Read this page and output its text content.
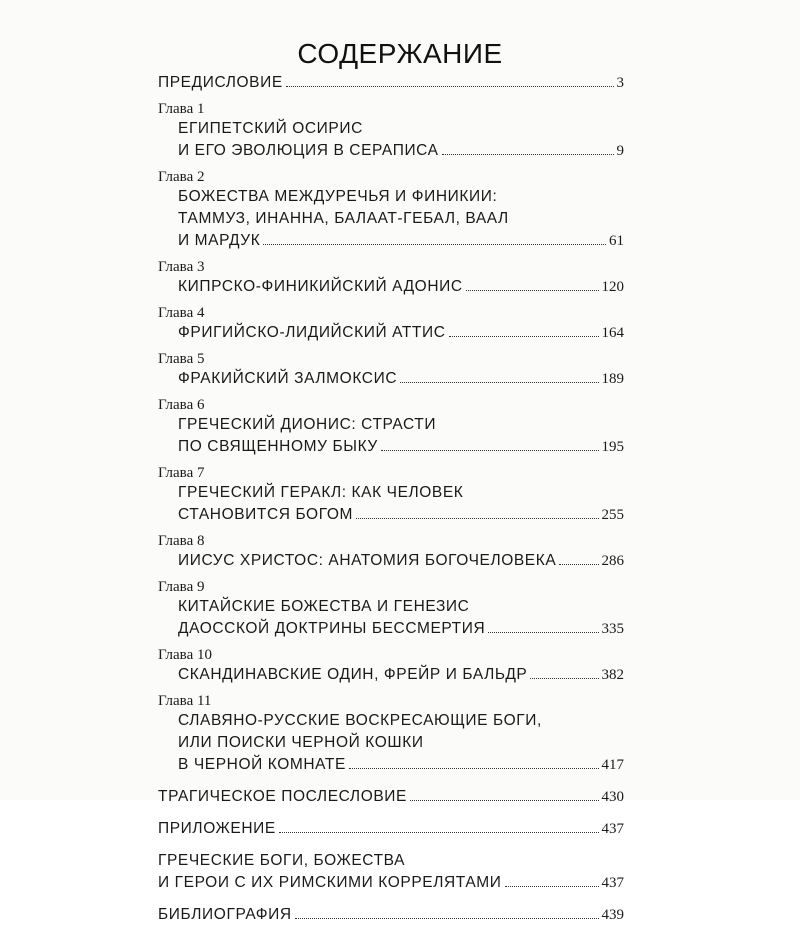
СОДЕРЖАНИЕ
ПРЕДИСЛОВИЕ	3
Глава 1
ЕГИПЕТСКИЙ ОСИРИС
И ЕГО ЭВОЛЮЦИЯ В СЕРАПИСА	9
Глава 2
БОЖЕСТВА МЕЖДУРЕЧЬЯ И ФИНИКИИ:
ТАММУЗ, ИНАННА, БАЛААТ-ГЕБАЛ, ВААЛ
И МАРДУК	61
Глава 3
КИПРСКО-ФИНИКИЙСКИЙ АДОНИС	120
Глава 4
ФРИГИЙСКО-ЛИДИЙСКИЙ АТТИС	164
Глава 5
ФРАКИЙСКИЙ ЗАЛМОКСИС	189
Глава 6
ГРЕЧЕСКИЙ ДИОНИС: СТРАСТИ
ПО СВЯЩЕННОМУ БЫКУ	195
Глава 7
ГРЕЧЕСКИЙ ГЕРАКЛ: КАК ЧЕЛОВЕК
СТАНОВИТСЯ БОГОМ	255
Глава 8
ИИСУС ХРИСТОС: АНАТОМИЯ БОГОЧЕЛОВЕКА	286
Глава 9
КИТАЙСКИЕ БОЖЕСТВА И ГЕНЕЗИС
ДАОССКОЙ ДОКТРИНЫ БЕССМЕРТИЯ	335
Глава 10
СКАНДИНАВСКИЕ ОДИН, ФРЕЙР И БАЛЬДР	382
Глава 11
СЛАВЯНО-РУССКИЕ ВОСКРЕСАЮЩИЕ БОГИ,
ИЛИ ПОИСКИ ЧЕРНОЙ КОШКИ
В ЧЕРНОЙ КОМНАТЕ	417
ТРАГИЧЕСКОЕ ПОСЛЕСЛОВИЕ	430
ПРИЛОЖЕНИЕ	437
ГРЕЧЕСКИЕ БОГИ, БОЖЕСТВА
И ГЕРОИ С ИХ РИМСКИМИ КОРРЕЛЯТАМИ	437
БИБЛИОГРАФИЯ	439
